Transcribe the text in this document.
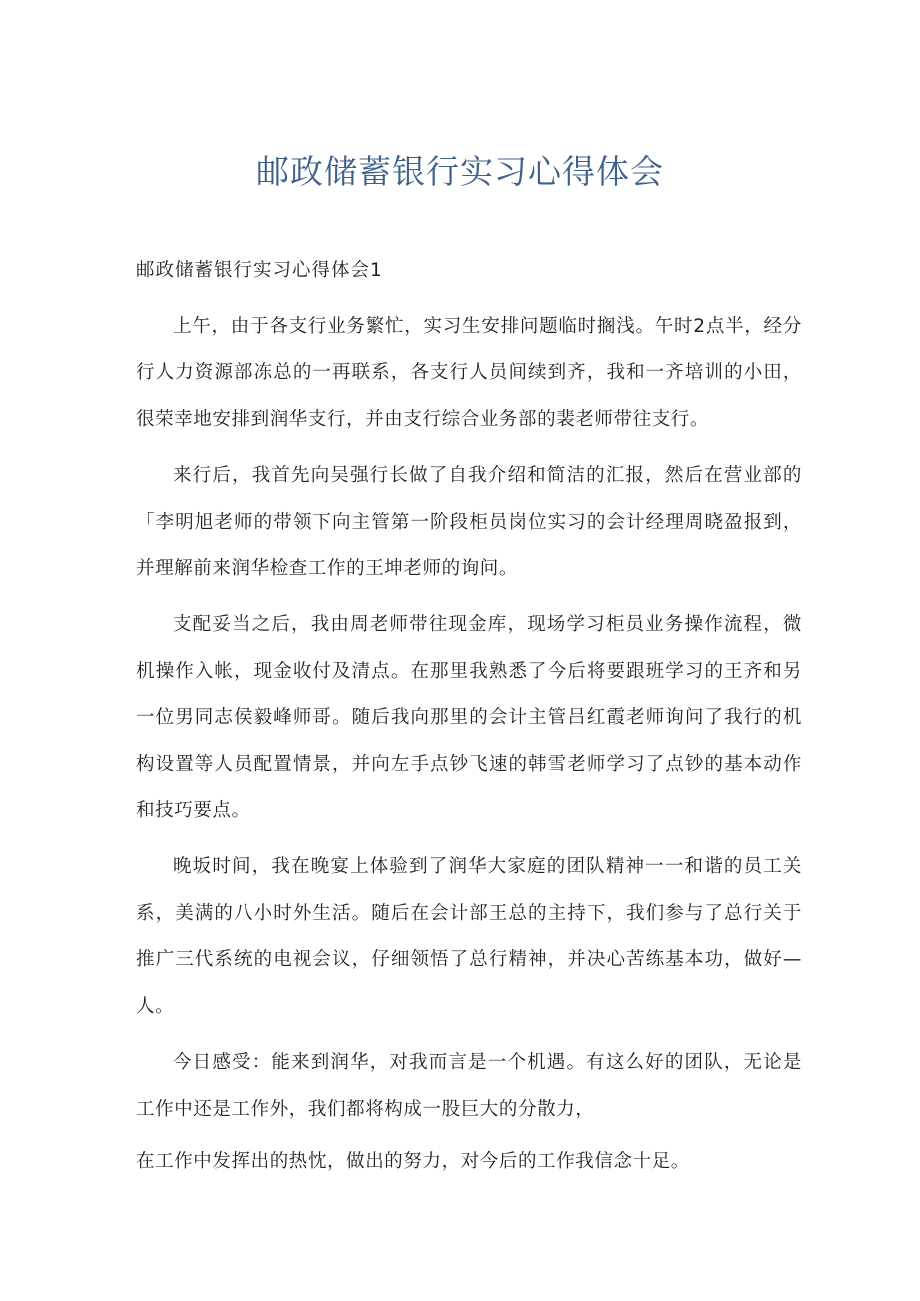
邮政储蓄银行实习心得体会

邮政储蓄银行实习心得体会1

上午，由于各支行业务繁忙，实习生安排问题临时搁浅。午时2点半，经分行人力资源部冻总的一再联系，各支行人员间续到齐，我和一齐培训的小田，很荣幸地安排到润华支行，并由支行综合业务部的裴老师带往支行。

来行后，我首先向吴强行长做了自我介绍和简洁的汇报，然后在营业部的「李明旭老师的带领下向主管第一阶段柜员岗位实习的会计经理周晓盈报到，并理解前来润华检查工作的王坤老师的询问。

支配妥当之后，我由周老师带往现金库，现场学习柜员业务操作流程，微机操作入帐，现金收付及清点。在那里我熟悉了今后将要跟班学习的王齐和另一位男同志侯毅峰师哥。随后我向那里的会计主管吕红霞老师询问了我行的机构设置等人员配置情景，并向左手点钞飞速的韩雪老师学习了点钞的基本动作和技巧要点。

晚坂时间，我在晚宴上体验到了润华大家庭的团队精神一一和谐的员工关系，美满的八小时外生活。随后在会计部王总的主持下，我们参与了总行关于推广三代系统的电视会议，仔细领悟了总行精神，并决心苦练基本功，做好—人。

今日感受：能来到润华，对我而言是一个机遇。有这么好的团队，无论是工作中还是工作外，我们都将构成一股巨大的分散力，

在工作中发挥出的热忱，做出的努力，对今后的工作我信念十足。
